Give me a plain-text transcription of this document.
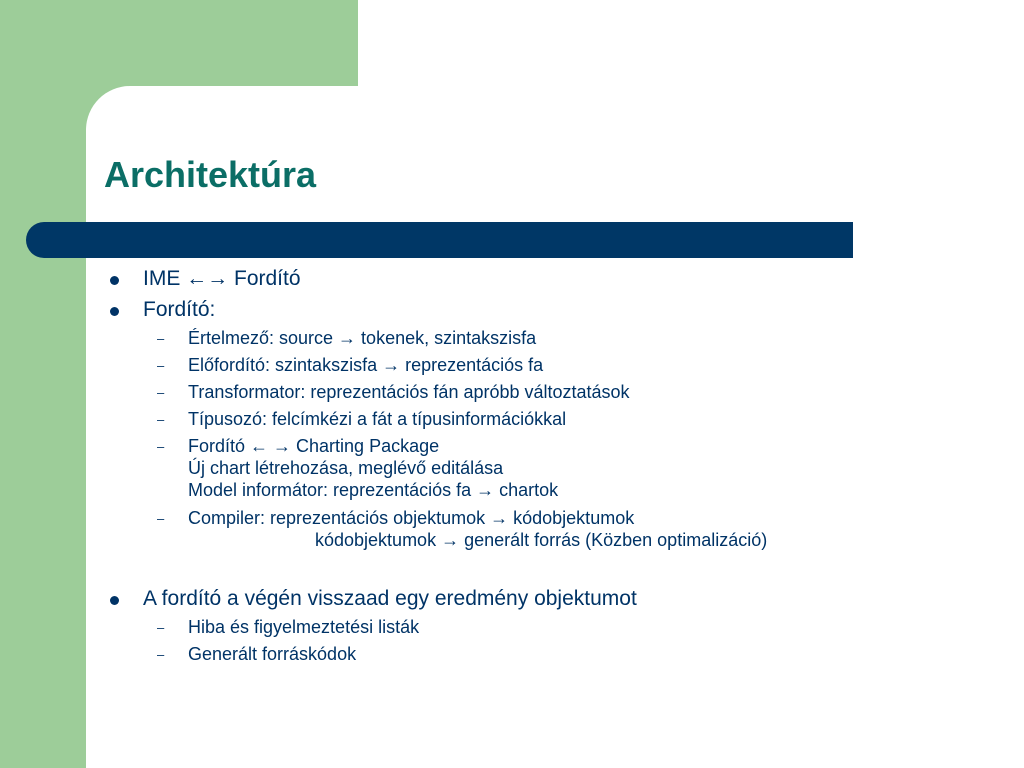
Architektúra
IME ←→ Fordító
Fordító:
– Értelmező: source → tokenek, szintakszisfa
– Előfordító: szintakszisfa → reprezentációs fa
– Transformator: reprezentációs fán apróbb változtatások
– Típusozó: felcímkézi a fát a típusinformációkkal
– Fordító ← → Charting Package
Új chart létrehozása, meglévő editálása
Model informátor: reprezentációs fa → chartok
– Compiler: reprezentációs objektumok → kódobjektumok
kódobjektumok → generált forrás (Közben optimalizáció)
A fordító a végén visszaad egy eredmény objektumot
– Hiba és figyelmeztetési listák
– Generált forráskódok
